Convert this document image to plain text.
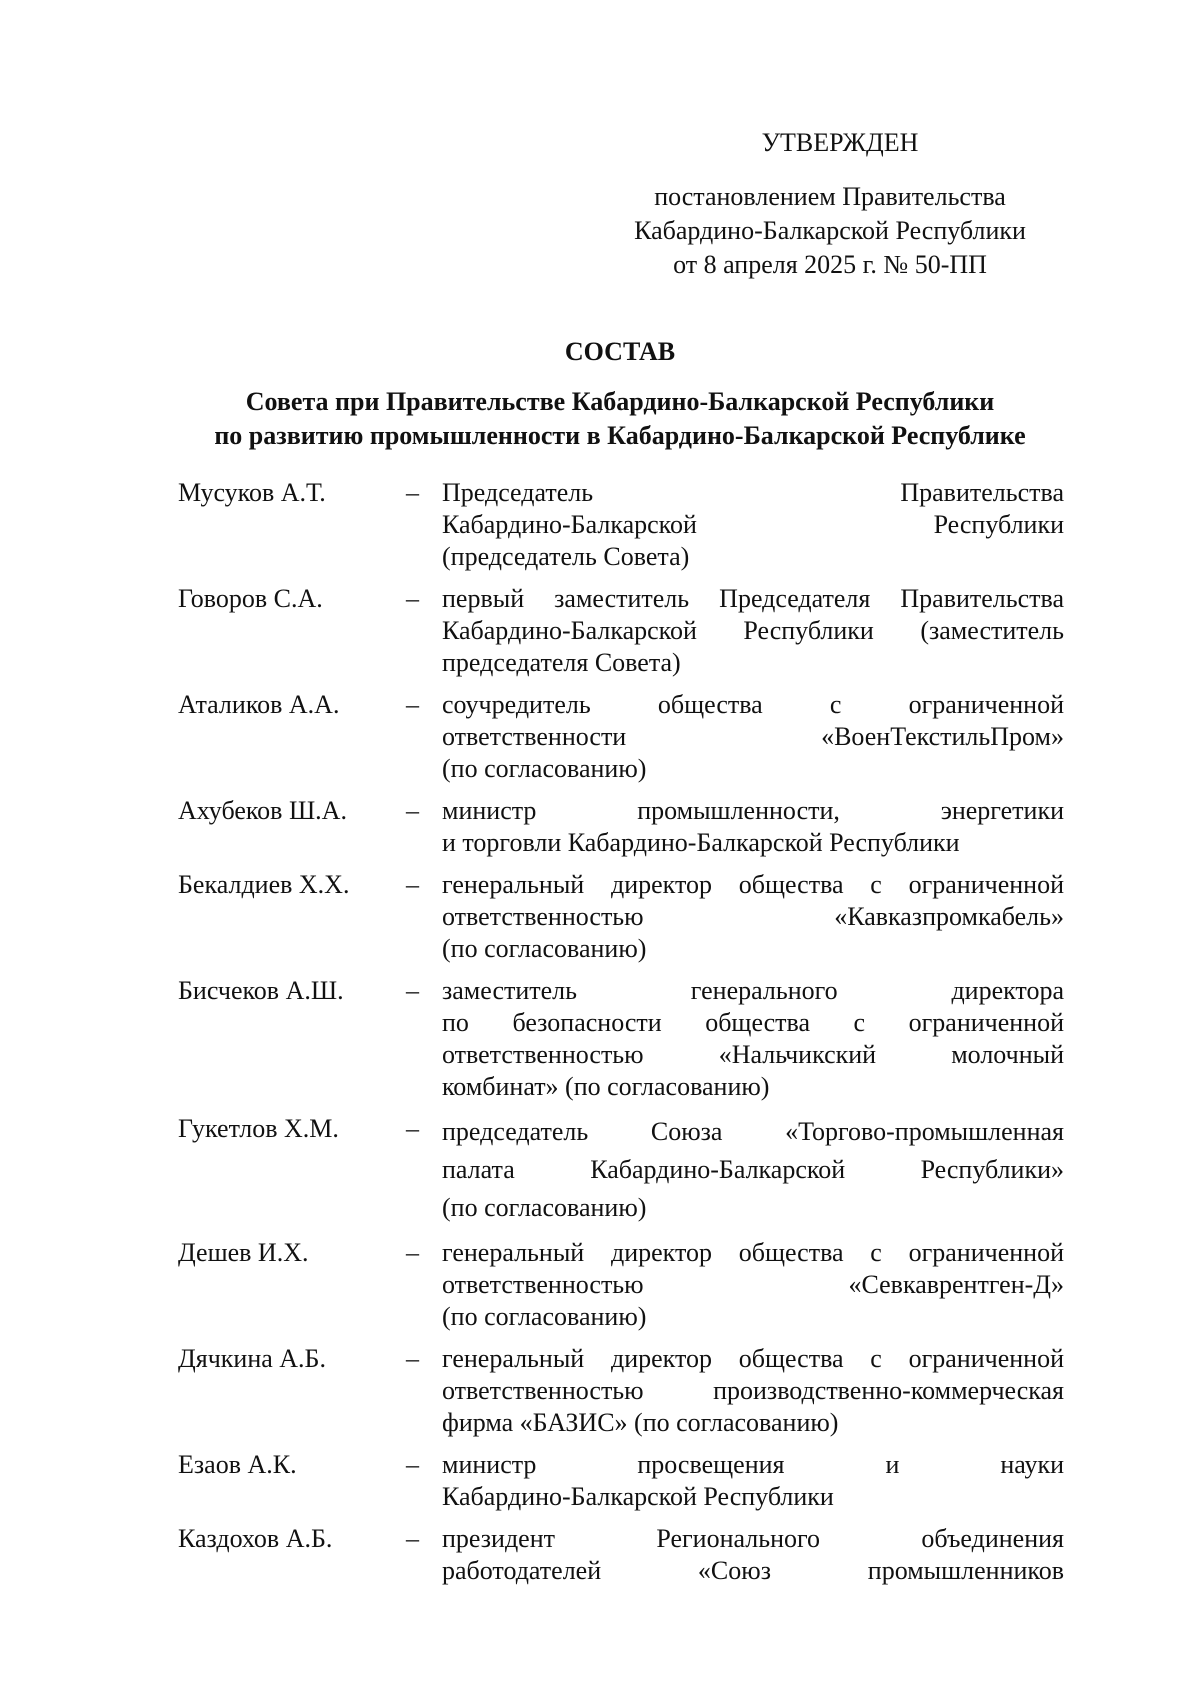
УТВЕРЖДЕН
постановлением Правительства
Кабардино-Балкарской Республики
от 8 апреля 2025 г. № 50-ПП
СОСТАВ
Совета при Правительстве Кабардино-Балкарской Республики
по развитию промышленности в Кабардино-Балкарской Республике
Мусуков А.Т.	– Председатель Правительства
Кабардино-Балкарской Республики
(председатель Совета)
Говоров С.А.	– первый заместитель Председателя Правительства
Кабардино-Балкарской Республики (заместитель
председателя Совета)
Аталиков А.А.	– соучредитель общества с ограниченной
ответственности «ВоенТекстильПром»
(по согласованию)
Ахубеков Ш.А.	– министр промышленности, энергетики
и торговли Кабардино-Балкарской Республики
Бекалдиев Х.Х.	– генеральный директор общества с ограниченной
ответственностью «Кавказпромкабель»
(по согласованию)
Бисчеков А.Ш.	– заместитель генерального директора
по безопасности общества с ограниченной
ответственностью «Нальчикский молочный
комбинат» (по согласованию)
Гукетлов Х.М.	– председатель Союза «Торгово-промышленная
палата Кабардино-Балкарской Республики»
(по согласованию)
Дешев И.Х.	– генеральный директор общества с ограниченной
ответственностью «Севкаврентген-Д»
(по согласованию)
Дячкина А.Б.	– генеральный директор общества с ограниченной
ответственностью производственно-коммерческая
фирма «БАЗИС» (по согласованию)
Езаов А.К.	– министр просвещения и науки
Кабардино-Балкарской Республики
Каздохов А.Б.	– президент Регионального объединения
работодателей «Союз промышленников
